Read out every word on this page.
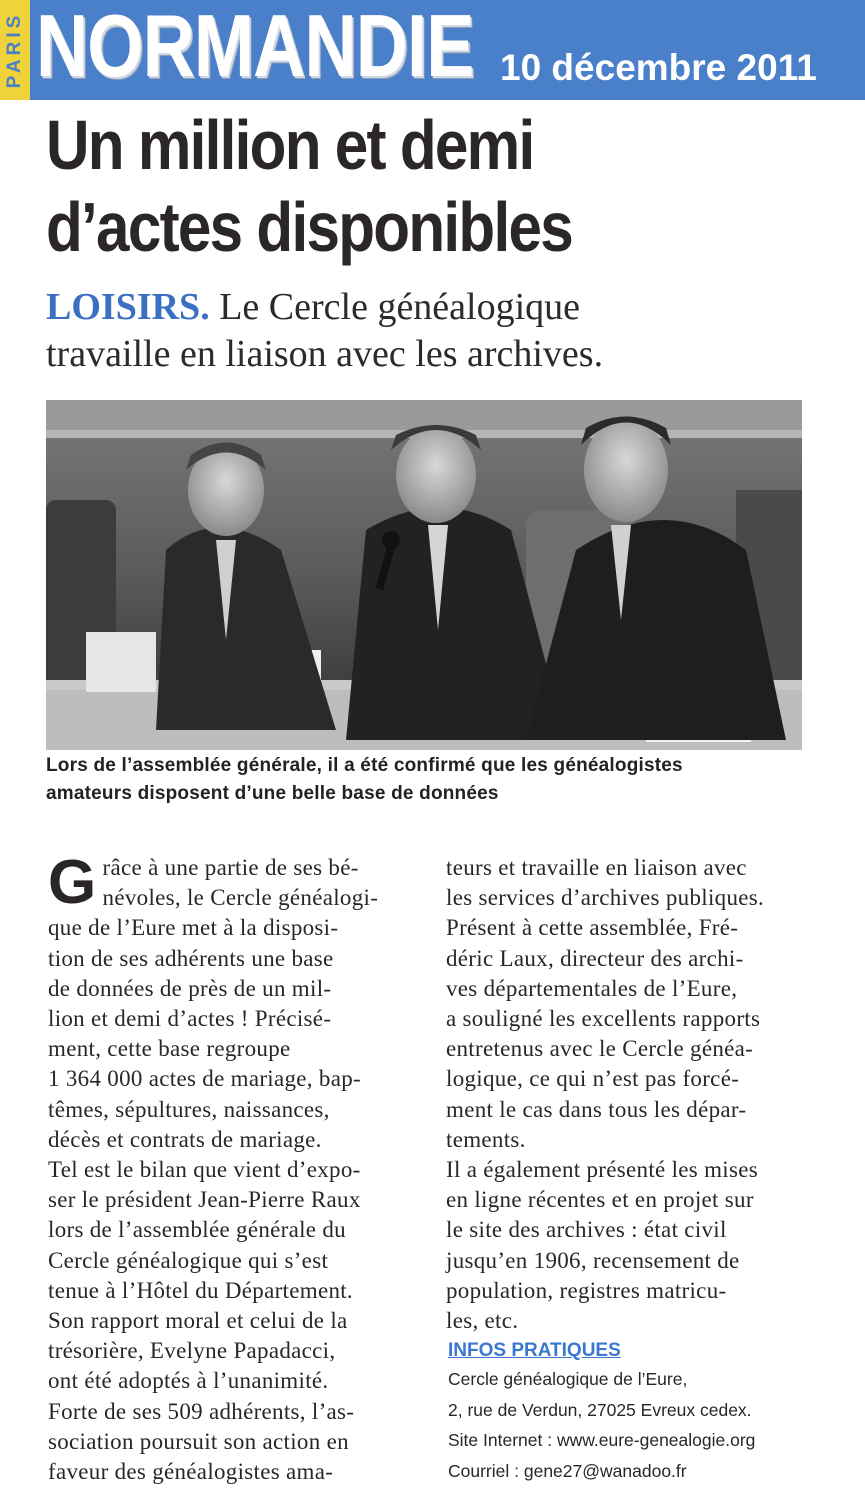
PARIS NORMANDIE 10 décembre 2011
Un million et demi
d’actes disponibles

LOISIRS. Le Cercle généalogique
travaille en liaison avec les archives.

Lors de l’assemblée générale, il a été confirmé que les généalogistes
amateurs disposent d’une belle base de données
G râce à une partie de ses bé-
névoles, le Cercle généalogi-
que de l’Eure met à la disposi-
tion de ses adhérents une base
de données de près de un mil-
lion et demi d’actes ! Précisé-
ment, cette base regroupe
1 364 000 actes de mariage, bap-
têmes, sépultures, naissances,
décès et contrats de mariage.
Tel est le bilan que vient d’expo-
ser le président Jean-Pierre Raux
lors de l’assemblée générale du
Cercle généalogique qui s’est
tenue à l’Hôtel du Département.
Son rapport moral et celui de la
trésorière, Evelyne Papadacci,
ont été adoptés à l’unanimité.
Forte de ses 509 adhérents, l’as-
sociation poursuit son action en
faveur des généalogistes ama-
teurs et travaille en liaison avec
les services d’archives publiques.
Présent à cette assemblée, Fré-
déric Laux, directeur des archi-
ves départementales de l’Eure,
a souligné les excellents rapports
entretenus avec le Cercle généa-
logique, ce qui n’est pas forcé-
ment le cas dans tous les dépar-
tements.
Il a également présenté les mises
en ligne récentes et en projet sur
le site des archives : état civil
jusqu’en 1906, recensement de
population, registres matricu-
les, etc.
INFOS PRATIQUES
Cercle généalogique de l’Eure,
2, rue de Verdun, 27025 Evreux cedex.
Site Internet : www.eure-genealogie.org
Courriel : gene27@wanadoo.fr
